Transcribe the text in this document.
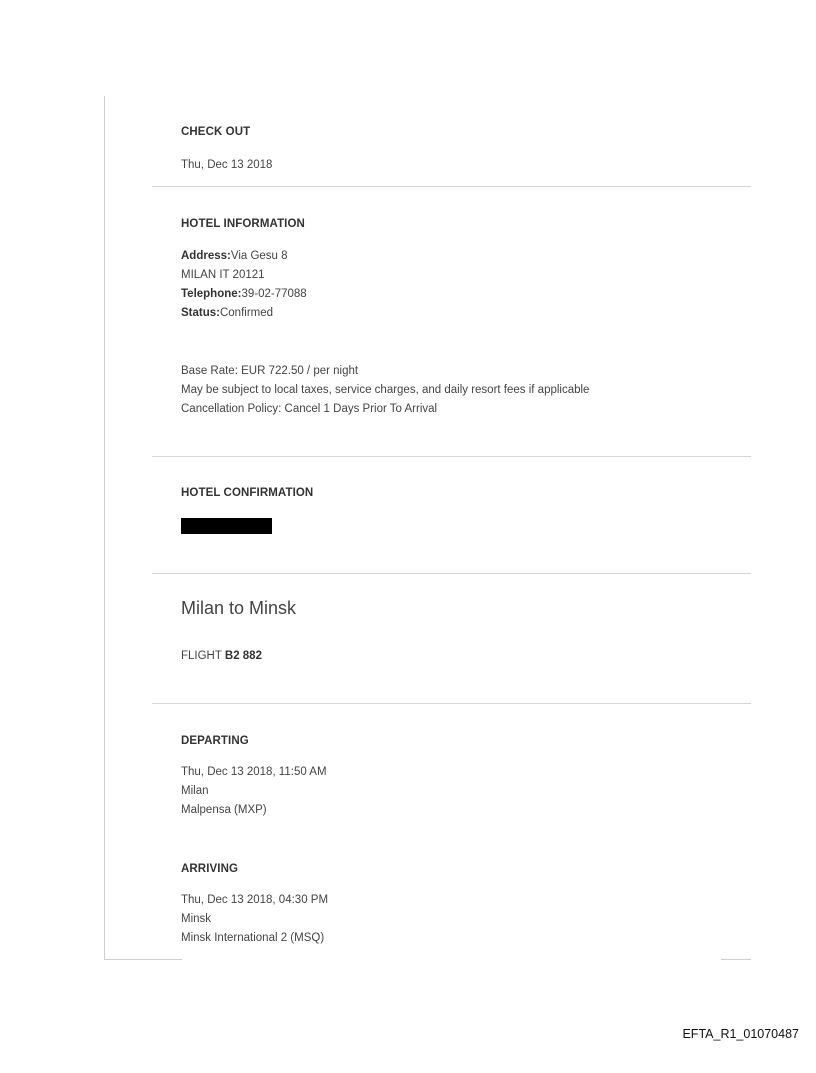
CHECK OUT
Thu, Dec 13 2018
HOTEL INFORMATION
Address:Via Gesu 8
MILAN IT 20121
Telephone:39-02-77088
Status:Confirmed
Base Rate: EUR 722.50 / per night
May be subject to local taxes, service charges, and daily resort fees if applicable
Cancellation Policy: Cancel 1 Days Prior To Arrival
HOTEL CONFIRMATION
Milan to Minsk
FLIGHT B2 882
DEPARTING
Thu, Dec 13 2018, 11:50 AM
Milan
Malpensa (MXP)
ARRIVING
Thu, Dec 13 2018, 04:30 PM
Minsk
Minsk International 2 (MSQ)
EFTA_R1_01070487
